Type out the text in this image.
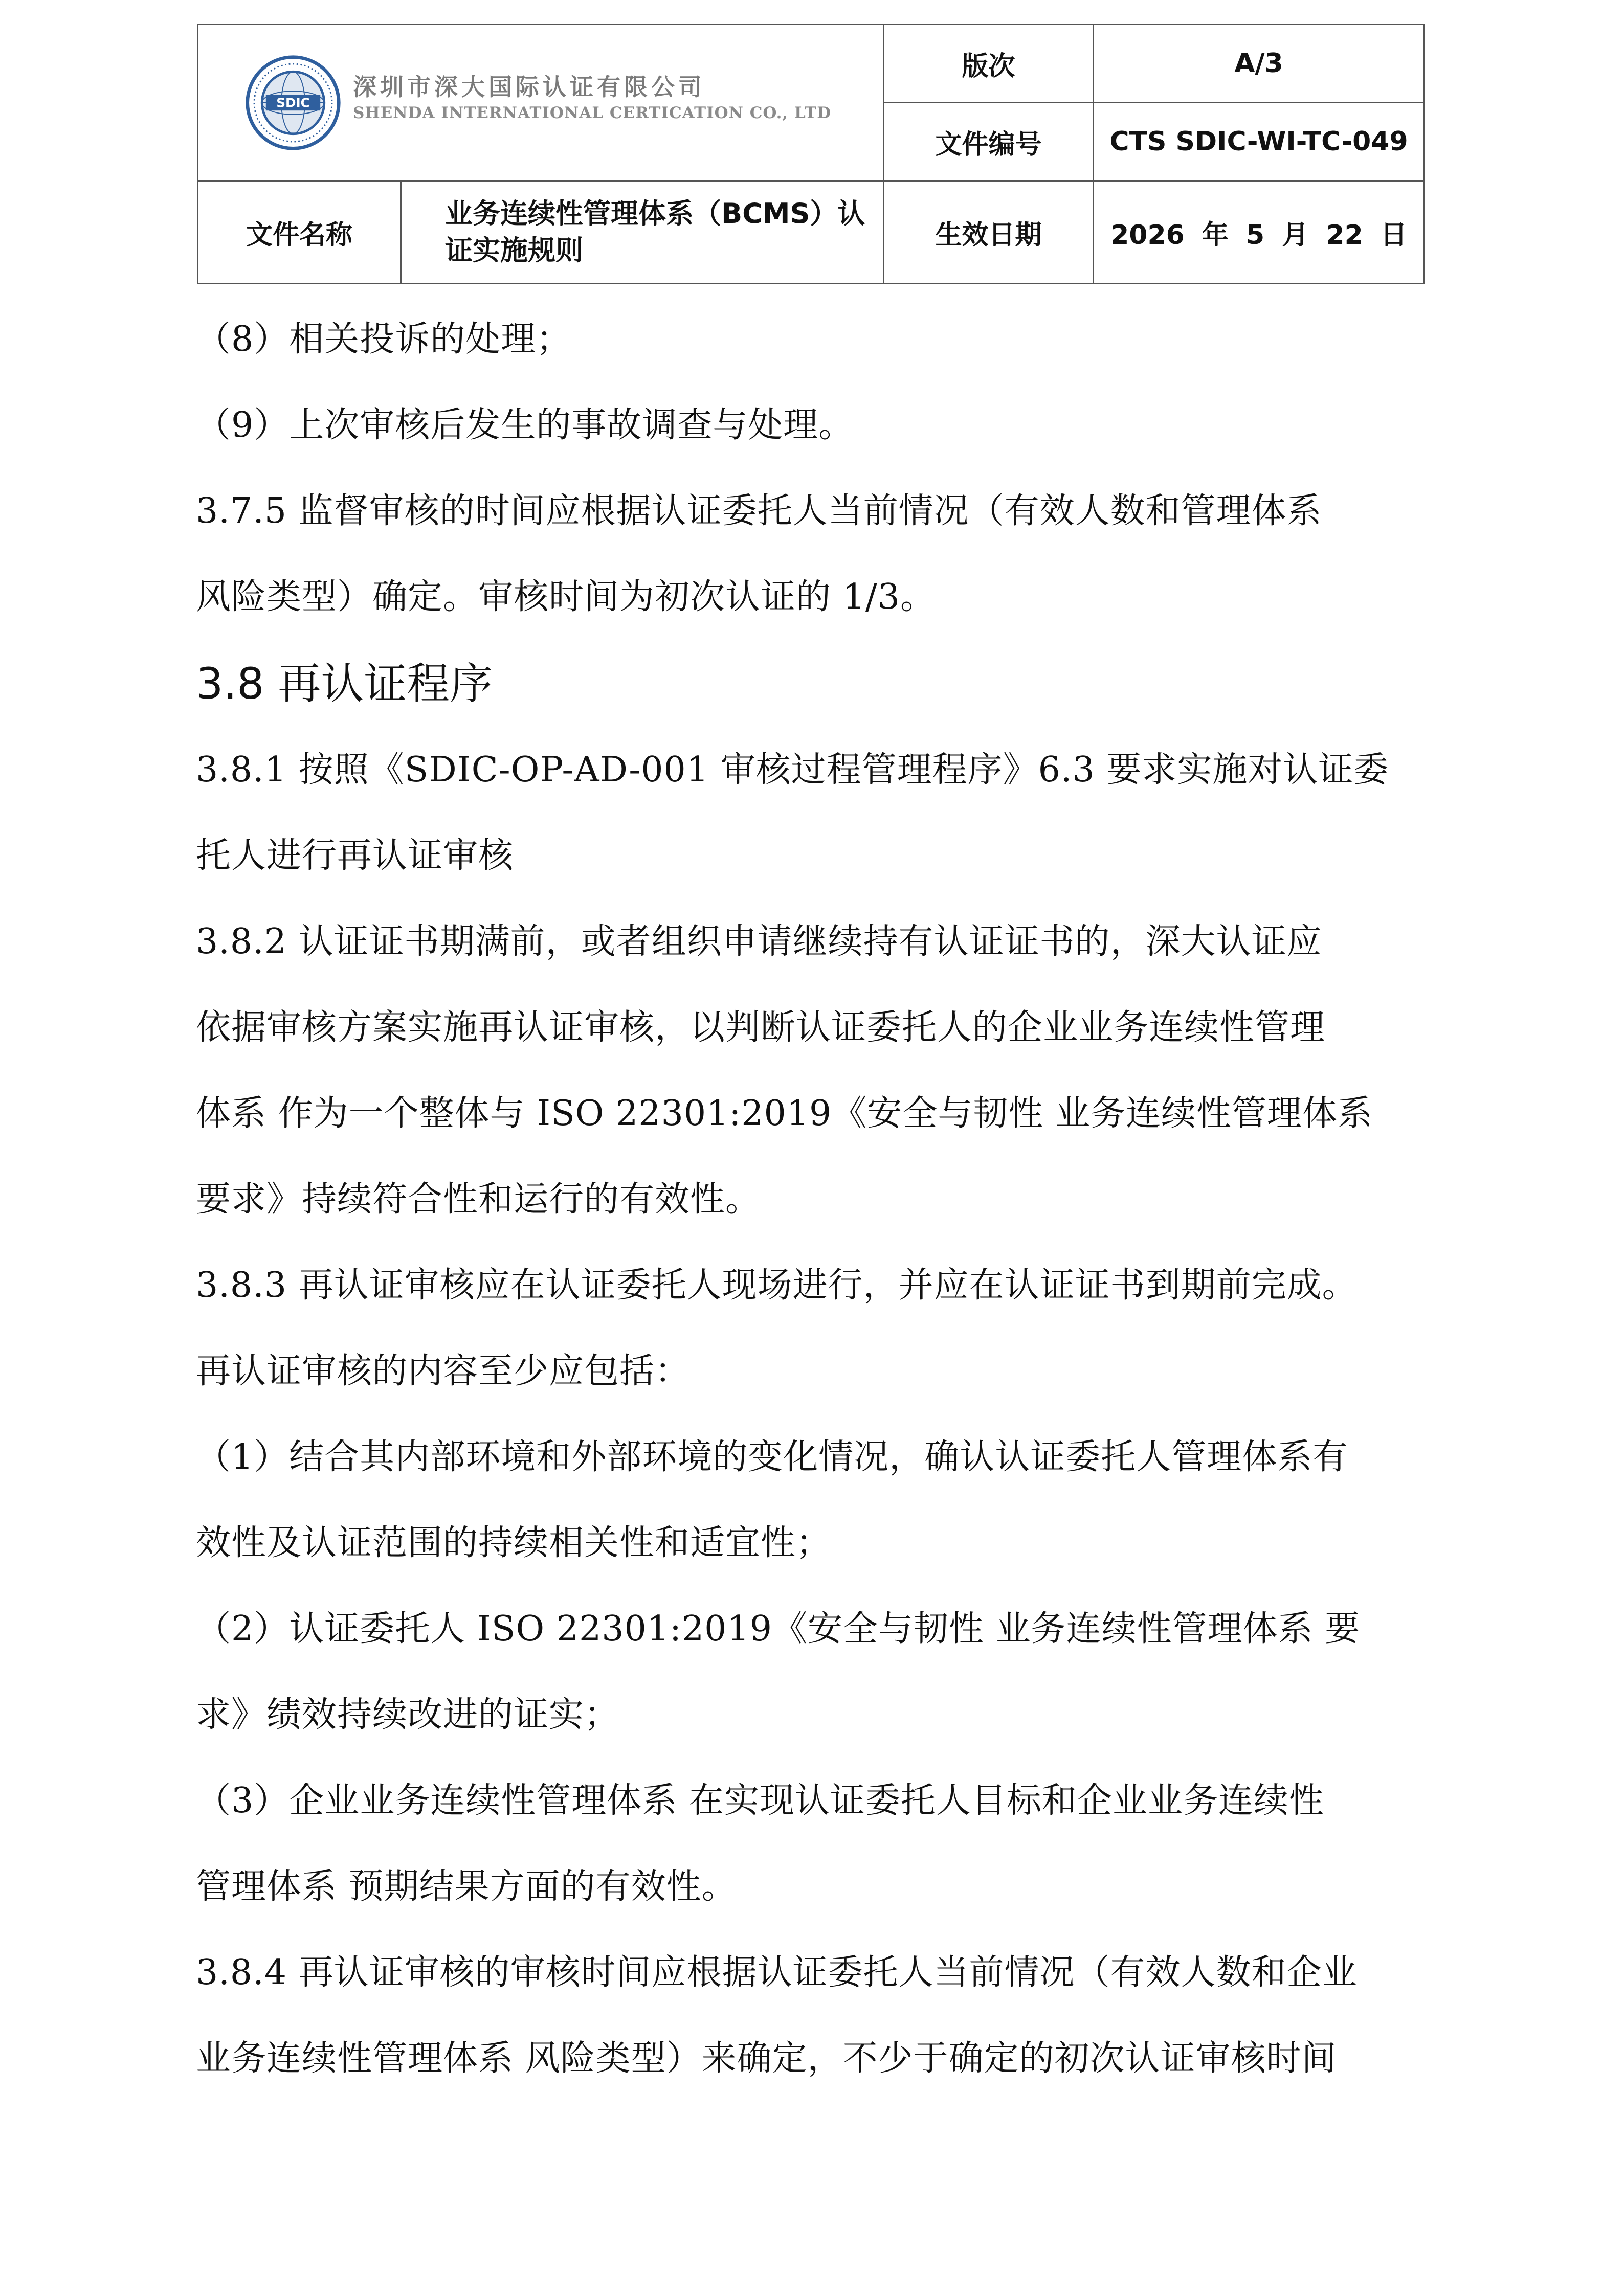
SDIC
深圳市深大国际认证有限公司
SHENDA INTERNATIONAL CERTICATION CO., LTD		版次	A/3
		文件编号	CTS SDIC-WI-TC-049
文件名称	业务连续性管理体系（BCMS）认证实施规则	生效日期	2026 年 5 月 22 日

（8）相关投诉的处理；

（9）上次审核后发生的事故调查与处理。

3.7.5 监督审核的时间应根据认证委托人当前情况（有效人数和管理体系

风险类型）确定。审核时间为初次认证的 1/3。

3.8 再认证程序

3.8.1 按照《SDIC-OP-AD-001 审核过程管理程序》6.3 要求实施对认证委

托人进行再认证审核

3.8.2 认证证书期满前，或者组织申请继续持有认证证书的，深大认证应

依据审核方案实施再认证审核，以判断认证委托人的企业业务连续性管理

体系 作为一个整体与 ISO 22301:2019《安全与韧性 业务连续性管理体系

要求》持续符合性和运行的有效性。

3.8.3 再认证审核应在认证委托人现场进行，并应在认证证书到期前完成。

再认证审核的内容至少应包括：

（1）结合其内部环境和外部环境的变化情况，确认认证委托人管理体系有

效性及认证范围的持续相关性和适宜性；

（2）认证委托人 ISO 22301:2019《安全与韧性 业务连续性管理体系 要

求》绩效持续改进的证实；

（3）企业业务连续性管理体系 在实现认证委托人目标和企业业务连续性

管理体系 预期结果方面的有效性。

3.8.4 再认证审核的审核时间应根据认证委托人当前情况（有效人数和企业

业务连续性管理体系 风险类型）来确定，不少于确定的初次认证审核时间
